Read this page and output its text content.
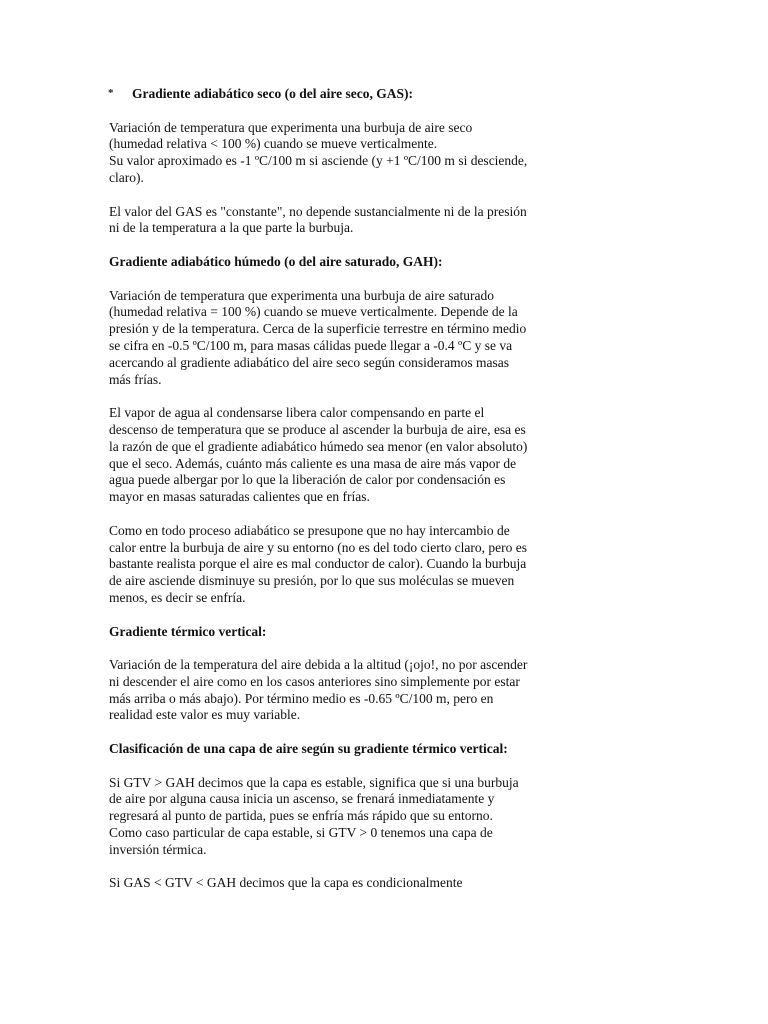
*	Gradiente adiabático seco (o del aire seco, GAS):

Variación de temperatura que experimenta una burbuja de aire seco (humedad relativa < 100 %) cuando se mueve verticalmente.
Su valor aproximado es -1 ºC/100 m si asciende (y +1 ºC/100 m si desciende, claro).

El valor del GAS es "constante", no depende sustancialmente ni de la presión ni de la temperatura a la que parte la burbuja.

Gradiente adiabático húmedo (o del aire saturado, GAH):

Variación de temperatura que experimenta una burbuja de aire saturado (humedad relativa = 100 %) cuando se mueve verticalmente. Depende de la presión y de la temperatura. Cerca de la superficie terrestre en término medio se cifra en -0.5 ºC/100 m, para masas cálidas puede llegar a -0.4 ºC y se va acercando al gradiente adiabático del aire seco según consideramos masas más frías.

El vapor de agua al condensarse libera calor compensando en parte el descenso de temperatura que se produce al ascender la burbuja de aire, esa es la razón de que el gradiente adiabático húmedo sea menor (en valor absoluto) que el seco. Además, cuánto más caliente es una masa de aire más vapor de agua puede albergar por lo que la liberación de calor por condensación es mayor en masas saturadas calientes que en frías.

Como en todo proceso adiabático se presupone que no hay intercambio de calor entre la burbuja de aire y su entorno (no es del todo cierto claro, pero es bastante realista porque el aire es mal conductor de calor). Cuando la burbuja de aire asciende disminuye su presión, por lo que sus moléculas se mueven menos, es decir se enfría.

Gradiente térmico vertical:

Variación de la temperatura del aire debida a la altitud (¡ojo!, no por ascender ni descender el aire como en los casos anteriores sino simplemente por estar más arriba o más abajo). Por término medio es -0.65 ºC/100 m, pero en realidad este valor es muy variable.

Clasificación de una capa de aire según su gradiente térmico vertical:

Si GTV > GAH decimos que la capa es estable, significa que si una burbuja de aire por alguna causa inicia un ascenso, se frenará inmediatamente y regresará al punto de partida, pues se enfría más rápido que su entorno. Como caso particular de capa estable, si GTV > 0 tenemos una capa de inversión térmica.

Si GAS < GTV < GAH decimos que la capa es condicionalmente
